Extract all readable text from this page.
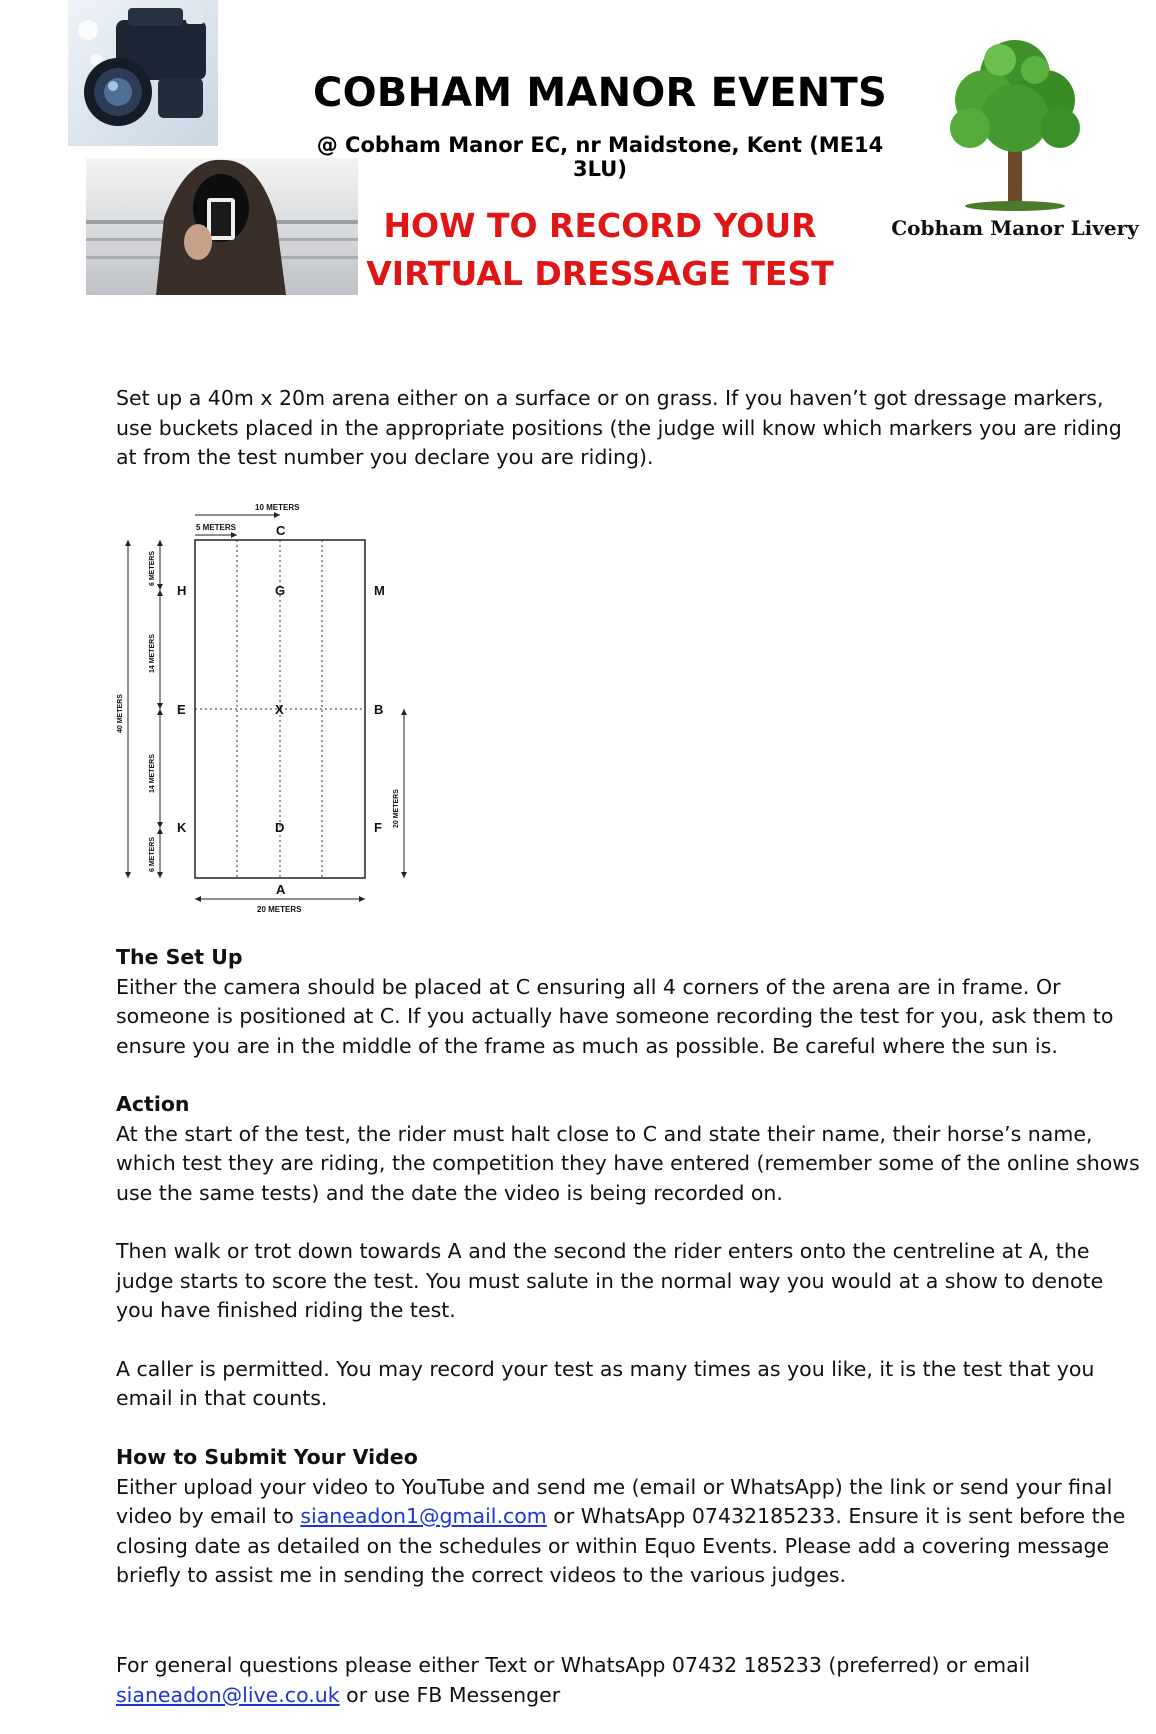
COBHAM MANOR EVENTS
@ Cobham Manor EC, nr Maidstone, Kent (ME14 3LU)
HOW TO RECORD YOUR
VIRTUAL DRESSAGE TEST
Cobham Manor Livery
Set up a 40m x 20m arena either on a surface or on grass. If you haven’t got dressage markers, use buckets placed in the appropriate positions (the judge will know which markers you are riding at from the test number you declare you are riding).
10 METERS
5 METERS
20 METERS
6 METERS
14 METERS
14 METERS
6 METERS
40 METERS
20 METERS
C
A
H
E
K
M
B
F
G
X
D
The Set Up
Either the camera should be placed at C ensuring all 4 corners of the arena are in frame. Or someone is positioned at C. If you actually have someone recording the test for you, ask them to ensure you are in the middle of the frame as much as possible. Be careful where the sun is.
Action
At the start of the test, the rider must halt close to C and state their name, their horse’s name, which test they are riding, the competition they have entered (remember some of the online shows use the same tests) and the date the video is being recorded on.
Then walk or trot down towards A and the second the rider enters onto the centreline at A, the judge starts to score the test. You must salute in the normal way you would at a show to denote you have finished riding the test.
A caller is permitted. You may record your test as many times as you like, it is the test that you email in that counts.
How to Submit Your Video
Either upload your video to YouTube and send me (email or WhatsApp) the link or send your final video by email to sianeadon1@gmail.com or WhatsApp 07432185233. Ensure it is sent before the closing date as detailed on the schedules or within Equo Events. Please add a covering message briefly to assist me in sending the correct videos to the various judges.
For general questions please either Text or WhatsApp 07432 185233 (preferred) or email sianeadon@live.co.uk or use FB Messenger
